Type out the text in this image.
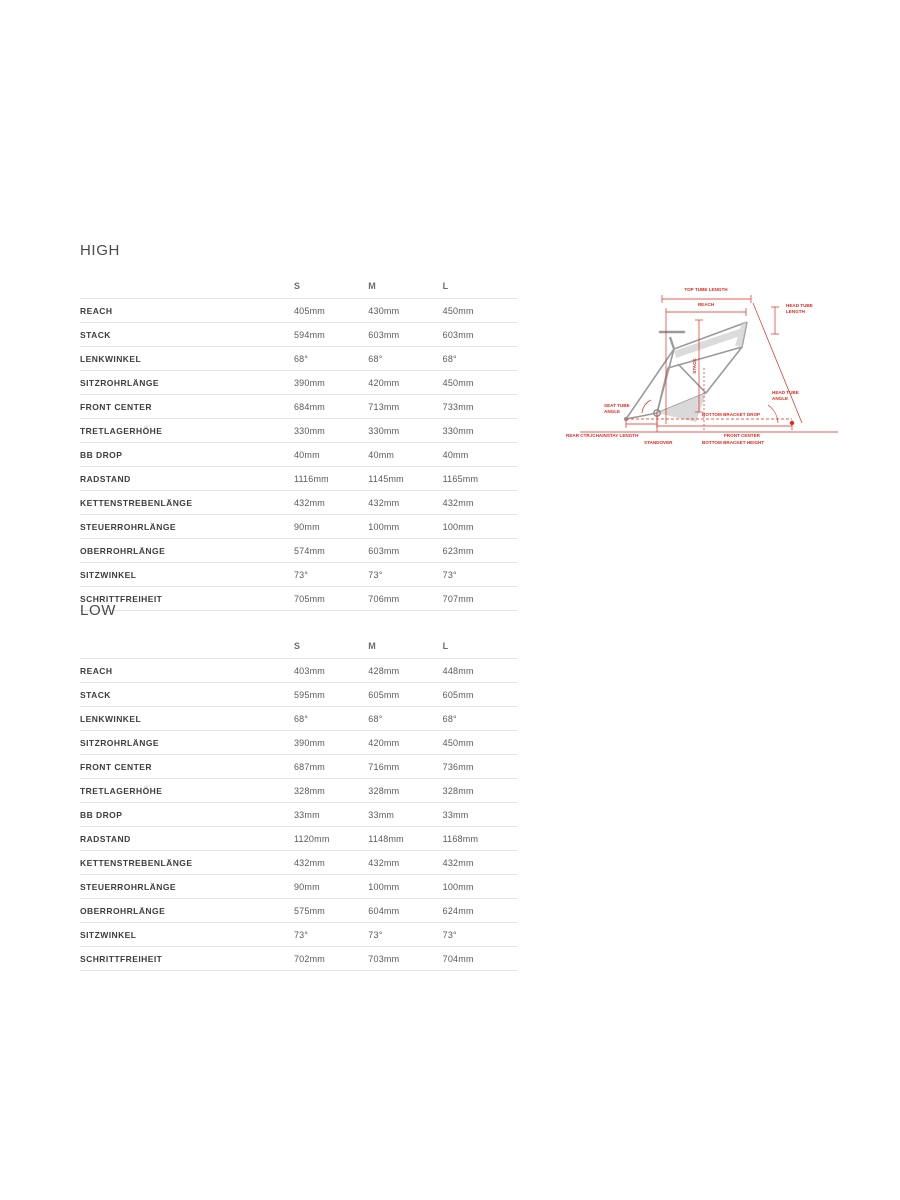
HIGH
	S	M	L
REACH	405mm	430mm	450mm
STACK	594mm	603mm	603mm
LENKWINKEL	68°	68°	68°
SITZROHRLÄNGE	390mm	420mm	450mm
FRONT CENTER	684mm	713mm	733mm
TRETLAGERHÖHE	330mm	330mm	330mm
BB DROP	40mm	40mm	40mm
RADSTAND	1116mm	1145mm	1165mm
KETTENSTREBENLÄNGE	432mm	432mm	432mm
STEUERROHRLÄNGE	90mm	100mm	100mm
OBERROHRLÄNGE	574mm	603mm	623mm
SITZWINKEL	73°	73°	73°
SCHRITTFREIHEIT	705mm	706mm	707mm
LOW
	S	M	L
REACH	403mm	428mm	448mm
STACK	595mm	605mm	605mm
LENKWINKEL	68°	68°	68°
SITZROHRLÄNGE	390mm	420mm	450mm
FRONT CENTER	687mm	716mm	736mm
TRETLAGERHÖHE	328mm	328mm	328mm
BB DROP	33mm	33mm	33mm
RADSTAND	1120mm	1148mm	1168mm
KETTENSTREBENLÄNGE	432mm	432mm	432mm
STEUERROHRLÄNGE	90mm	100mm	100mm
OBERROHRLÄNGE	575mm	604mm	624mm
SITZWINKEL	73°	73°	73°
SCHRITTFREIHEIT	702mm	703mm	704mm
TOP TUBE LENGTH
REACH	HEAD TUBE
LENGTH
STACK
HEAD TUBE
ANGLE
SEAT TUBE
ANGLE
BOTTOM BRACKET DROP
REAR CTR./CHAINSTAY LENGTH
STANDOVER
FRONT CENTER
BOTTOM BRACKET HEIGHT
